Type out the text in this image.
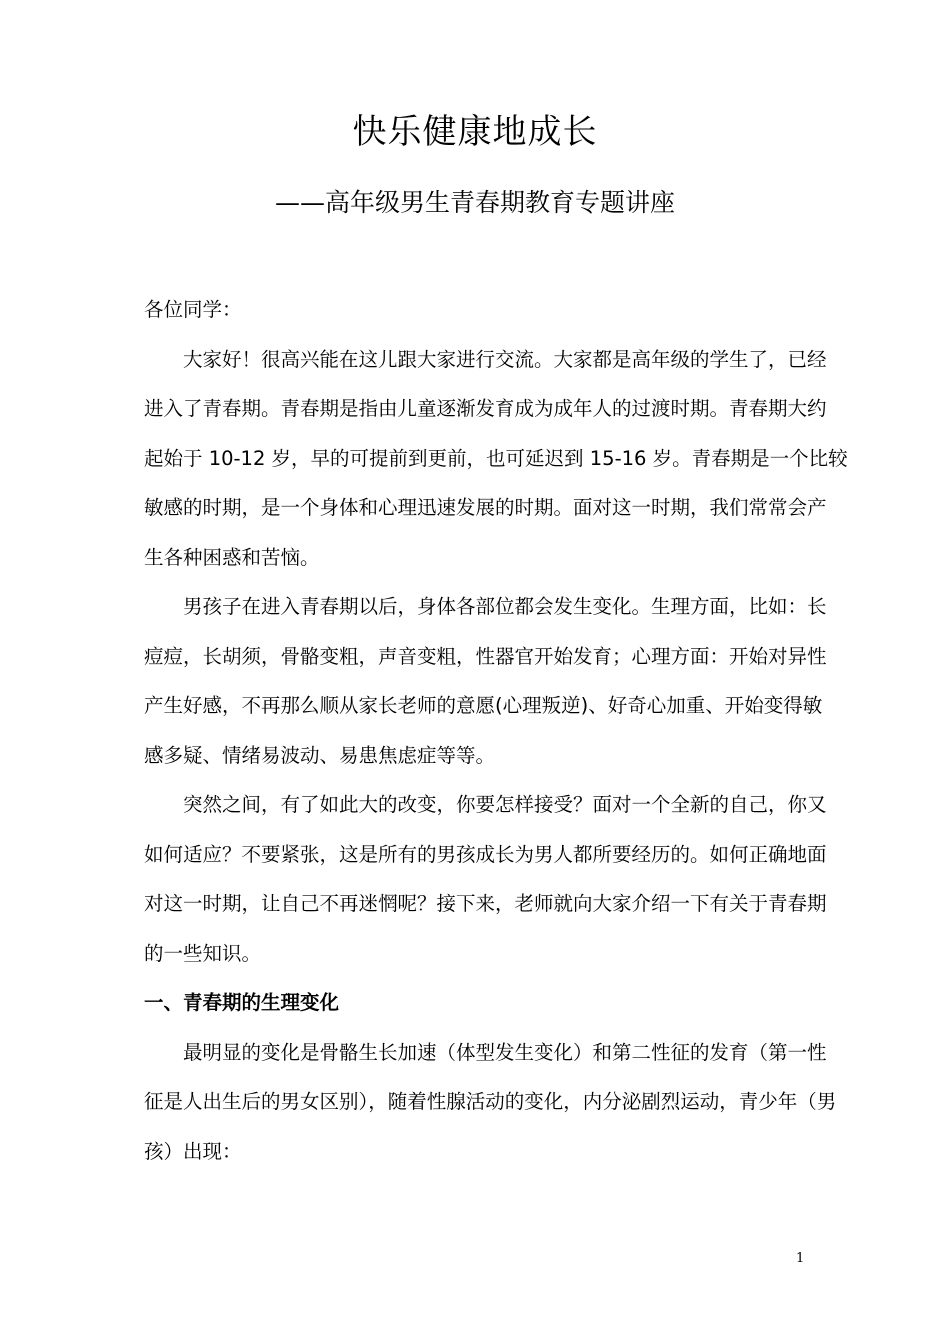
快乐健康地成长
——高年级男生青春期教育专题讲座
各位同学：
大家好！很高兴能在这儿跟大家进行交流。大家都是高年级的学生了，已经
进入了青春期。青春期是指由儿童逐渐发育成为成年人的过渡时期。青春期大约
起始于 10-12 岁，早的可提前到更前，也可延迟到 15-16 岁。青春期是一个比较
敏感的时期，是一个身体和心理迅速发展的时期。面对这一时期，我们常常会产
生各种困惑和苦恼。
男孩子在进入青春期以后，身体各部位都会发生变化。生理方面，比如：长
痘痘，长胡须，骨骼变粗，声音变粗，性器官开始发育；心理方面：开始对异性
产生好感，不再那么顺从家长老师的意愿(心理叛逆)、好奇心加重、开始变得敏
感多疑、情绪易波动、易患焦虑症等等。
突然之间，有了如此大的改变，你要怎样接受？面对一个全新的自己，你又
如何适应？不要紧张，这是所有的男孩成长为男人都所要经历的。如何正确地面
对这一时期，让自己不再迷惘呢？接下来，老师就向大家介绍一下有关于青春期
的一些知识。
一、青春期的生理变化
最明显的变化是骨骼生长加速（体型发生变化）和第二性征的发育（第一性
征是人出生后的男女区别），随着性腺活动的变化，内分泌剧烈运动，青少年（男
孩）出现：
1
